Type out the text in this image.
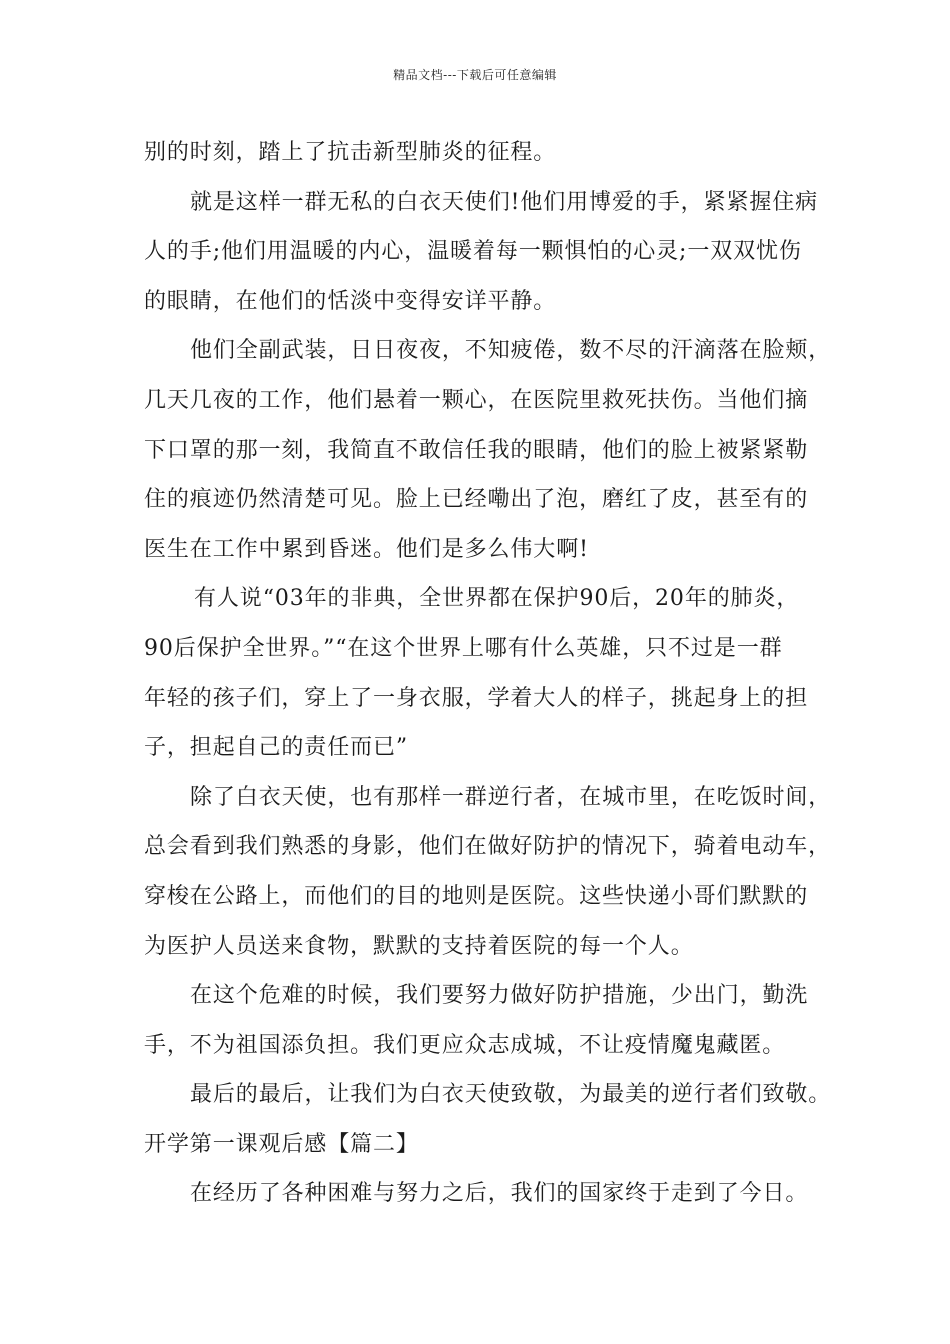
精品文档---下载后可任意编辑
别的时刻，踏上了抗击新型肺炎的征程。
就是这样一群无私的白衣天使们!他们用博爱的手，紧紧握住病
人的手;他们用温暖的内心，温暖着每一颗惧怕的心灵;一双双忧伤
的眼睛，在他们的恬淡中变得安详平静。
他们全副武装，日日夜夜，不知疲倦，数不尽的汗滴落在脸颊，
几天几夜的工作，他们悬着一颗心，在医院里救死扶伤。当他们摘
下口罩的那一刻，我简直不敢信任我的眼睛，他们的脸上被紧紧勒
住的痕迹仍然清楚可见。脸上已经嘞出了泡，磨红了皮，甚至有的
医生在工作中累到昏迷。他们是多么伟大啊!
有人说“03年的非典，全世界都在保护90后，20年的肺炎，
90后保护全世界。”“在这个世界上哪有什么英雄，只不过是一群
年轻的孩子们，穿上了一身衣服，学着大人的样子，挑起身上的担
子，担起自己的责任而已”
除了白衣天使，也有那样一群逆行者，在城市里，在吃饭时间，
总会看到我们熟悉的身影，他们在做好防护的情况下，骑着电动车，
穿梭在公路上，而他们的目的地则是医院。这些快递小哥们默默的
为医护人员送来食物，默默的支持着医院的每一个人。
在这个危难的时候，我们要努力做好防护措施，少出门，勤洗
手，不为祖国添负担。我们更应众志成城，不让疫情魔鬼藏匿。
最后的最后，让我们为白衣天使致敬，为最美的逆行者们致敬。
开学第一课观后感【篇二】
在经历了各种困难与努力之后，我们的国家终于走到了今日。
